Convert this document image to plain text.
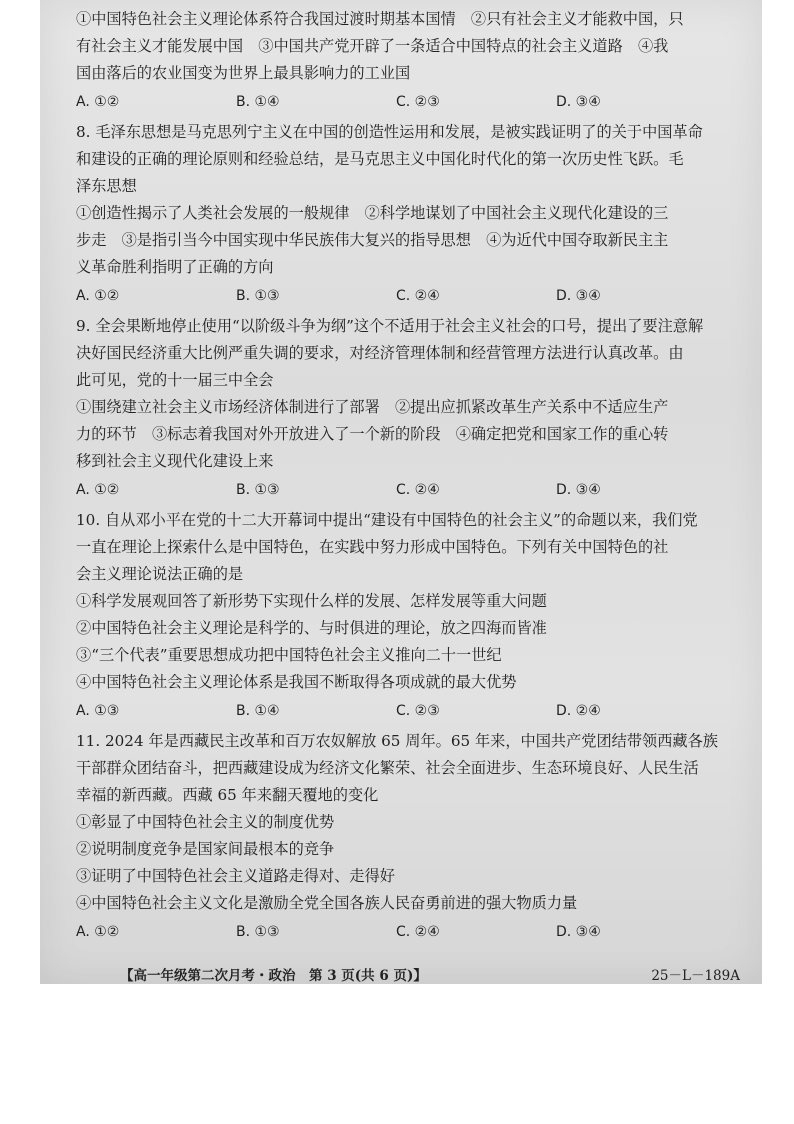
①中国特色社会主义理论体系符合我国过渡时期基本国情　②只有社会主义才能救中国，只
有社会主义才能发展中国　③中国共产党开辟了一条适合中国特点的社会主义道路　④我
国由落后的农业国变为世界上最具影响力的工业国
A. ①②	B. ①④	C. ②③	D. ③④
8. 毛泽东思想是马克思列宁主义在中国的创造性运用和发展，是被实践证明了的关于中国革命
和建设的正确的理论原则和经验总结，是马克思主义中国化时代化的第一次历史性飞跃。毛
泽东思想
①创造性揭示了人类社会发展的一般规律　②科学地谋划了中国社会主义现代化建设的三
步走　③是指引当今中国实现中华民族伟大复兴的指导思想　④为近代中国夺取新民主主
义革命胜利指明了正确的方向
A. ①②	B. ①③	C. ②④	D. ③④
9. 全会果断地停止使用“以阶级斗争为纲”这个不适用于社会主义社会的口号，提出了要注意解
决好国民经济重大比例严重失调的要求，对经济管理体制和经营管理方法进行认真改革。由
此可见，党的十一届三中全会
①围绕建立社会主义市场经济体制进行了部署　②提出应抓紧改革生产关系中不适应生产
力的环节　③标志着我国对外开放进入了一个新的阶段　④确定把党和国家工作的重心转
移到社会主义现代化建设上来
A. ①②	B. ①③	C. ②④	D. ③④
10. 自从邓小平在党的十二大开幕词中提出“建设有中国特色的社会主义”的命题以来，我们党
一直在理论上探索什么是中国特色，在实践中努力形成中国特色。下列有关中国特色的社
会主义理论说法正确的是
①科学发展观回答了新形势下实现什么样的发展、怎样发展等重大问题
②中国特色社会主义理论是科学的、与时俱进的理论，放之四海而皆准
③“三个代表”重要思想成功把中国特色社会主义推向二十一世纪
④中国特色社会主义理论体系是我国不断取得各项成就的最大优势
A. ①③	B. ①④	C. ②③	D. ②④
11. 2024 年是西藏民主改革和百万农奴解放 65 周年。65 年来，中国共产党团结带领西藏各族
干部群众团结奋斗，把西藏建设成为经济文化繁荣、社会全面进步、生态环境良好、人民生活
幸福的新西藏。西藏 65 年来翻天覆地的变化
①彰显了中国特色社会主义的制度优势
②说明制度竞争是国家间最根本的竞争
③证明了中国特色社会主义道路走得对、走得好
④中国特色社会主义文化是激励全党全国各族人民奋勇前进的强大物质力量
A. ①②	B. ①③	C. ②④	D. ③④
【高一年级第二次月考・政治　第 3 页(共 6 页)】	25－L－189A
